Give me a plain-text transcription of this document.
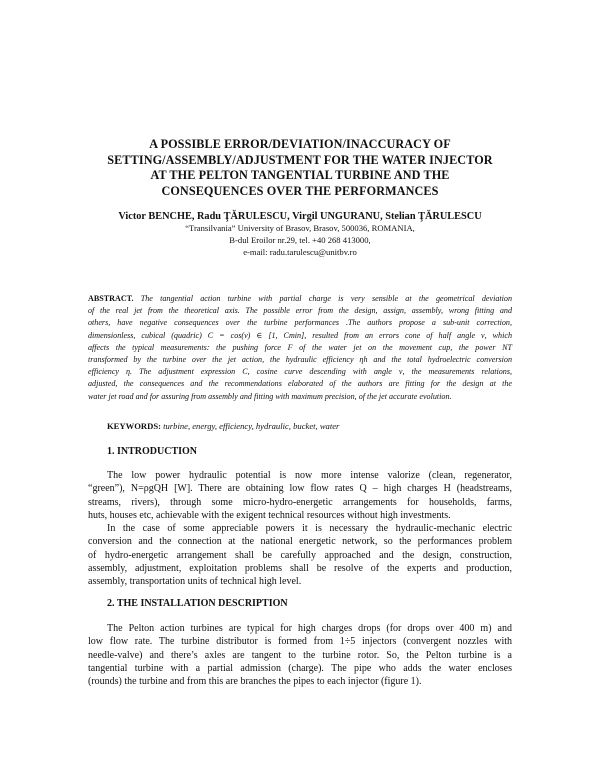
A POSSIBLE ERROR/DEVIATION/INACCURACY OF
SETTING/ASSEMBLY/ADJUSTMENT FOR THE WATER INJECTOR
AT THE PELTON TANGENTIAL TURBINE AND THE
CONSEQUENCES OVER THE PERFORMANCES
Victor BENCHE, Radu ŢĂRULESCU, Virgil UNGURANU, Stelian ŢĂRULESCU
“Transilvania” University of Brasov, Brasov, 500036, ROMANIA,
B-dul Eroilor nr.29, tel. +40 268 413000,
e-mail: radu.tarulescu@unitbv.ro
ABSTRACT. The tangential action turbine with partial charge is very sensible at the geometrical deviation
of the real jet from the theoretical axis. The possible error from the design, assign, assembly, wrong fitting and
others, have negative consequences over the turbine performances .The authors propose a sub-unit correction,
dimensionless, cubical (quadric) C = cos(ν) ∈ [1, Cmin], resulted from an errors cone of half angle ν, which
affects the typical measurements: the pushing force F of the water jet on the movement cup, the power NT
transformed by the turbine over the jet action, the hydraulic efficiency ηh and the total hydroelectric conversion
efficiency η. The adjustment expression C, cosine curve descending with angle ν, the measurements relations,
adjusted, the consequences and the recommendations elaborated of the authors are fitting for the design at the
water jet road and for assuring from assembly and fitting with maximum precision, of the jet accurate evolution.
KEYWORDS: turbine, energy, efficiency, hydraulic, bucket, water
1. INTRODUCTION
The low power hydraulic potential is now more intense valorize (clean, regenerator,
“green”), N=ρgQH [W]. There are obtaining low flow rates Q – high charges H (headstreams,
streams, rivers), through some micro-hydro-energetic arrangements for households, farms,
huts, houses etc, achievable with the exigent technical resources without high investments.
In the case of some appreciable powers it is necessary the hydraulic-mechanic electric
conversion and the connection at the national energetic network, so the performances problem
of hydro-energetic arrangement shall be carefully approached and the design, construction,
assembly, adjustment, exploitation problems shall be resolve of the experts and production,
assembly, transportation units of technical high level.
2. THE INSTALLATION DESCRIPTION
The Pelton action turbines are typical for high charges drops (for drops over 400 m) and
low flow rate. The turbine distributor is formed from 1÷5 injectors (convergent nozzles with
needle-valve) and there’s axles are tangent to the turbine rotor. So, the Pelton turbine is a
tangential turbine with a partial admission (charge). The pipe who adds the water encloses
(rounds) the turbine and from this are branches the pipes to each injector (figure 1).
